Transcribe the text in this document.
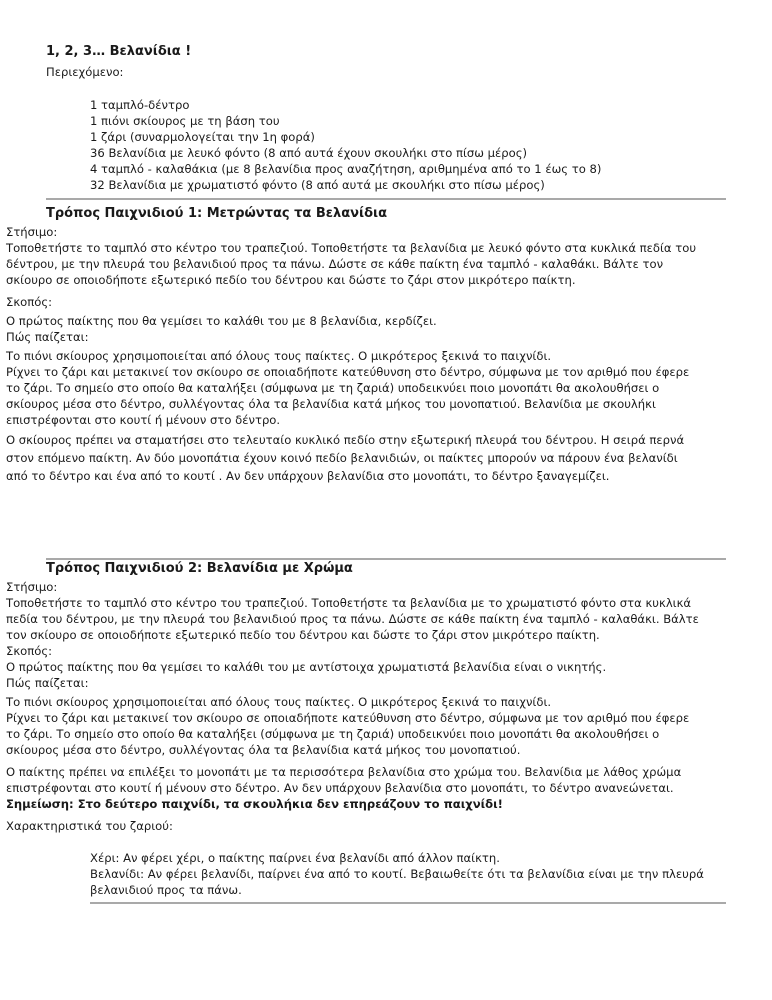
1, 2, 3… Βελανίδια !
Περιεχόμενο:
1 ταμπλό-δέντρο
1 πιόνι σκίουρος με τη βάση του
1 ζάρι (συναρμολογείται την 1η φορά)
36 Βελανίδια με λευκό φόντο (8 από αυτά έχουν σκουλήκι στο πίσω μέρος)
4 ταμπλό - καλαθάκια (με 8 βελανίδια προς αναζήτηση, αριθμημένα από το 1 έως το 8)
32 Βελανίδια με χρωματιστό φόντο (8 από αυτά με σκουλήκι στο πίσω μέρος)
Τρόπος Παιχνιδιού 1: Μετρώντας τα Βελανίδια
Στήσιμο:
Τοποθετήστε το ταμπλό στο κέντρο του τραπεζιού. Τοποθετήστε τα βελανίδια με λευκό φόντο στα κυκλικά πεδία του
δέντρου, με την πλευρά του βελανιδιού προς τα πάνω. Δώστε σε κάθε παίκτη ένα ταμπλό - καλαθάκι. Βάλτε τον
σκίουρο σε οποιοδήποτε εξωτερικό πεδίο του δέντρου και δώστε το ζάρι στον μικρότερο παίκτη.
Σκοπός:
Ο πρώτος παίκτης που θα γεμίσει το καλάθι του με 8 βελανίδια, κερδίζει.
Πώς παίζεται:
Το πιόνι σκίουρος χρησιμοποιείται από όλους τους παίκτες. Ο μικρότερος ξεκινά το παιχνίδι.
Ρίχνει το ζάρι και μετακινεί τον σκίουρο σε οποιαδήποτε κατεύθυνση στο δέντρο, σύμφωνα με τον αριθμό που έφερε
το ζάρι. Το σημείο στο οποίο θα καταλήξει (σύμφωνα με τη ζαριά) υποδεικνύει ποιο μονοπάτι θα ακολουθήσει ο
σκίουρος μέσα στο δέντρο, συλλέγοντας όλα τα βελανίδια κατά μήκος του μονοπατιού. Βελανίδια με σκουλήκι
επιστρέφονται στο κουτί ή μένουν στο δέντρο.
Ο σκίουρος πρέπει να σταματήσει στο τελευταίο κυκλικό πεδίο στην εξωτερική πλευρά του δέντρου. Η σειρά περνά
στον επόμενο παίκτη. Αν δύο μονοπάτια έχουν κοινό πεδίο βελανιδιών, οι παίκτες μπορούν να πάρουν ένα βελανίδι
από το δέντρο και ένα από το κουτί . Αν δεν υπάρχουν βελανίδια στο μονοπάτι, το δέντρο ξαναγεμίζει.
Τρόπος Παιχνιδιού 2: Βελανίδια με Χρώμα
Στήσιμο:
Τοποθετήστε το ταμπλό στο κέντρο του τραπεζιού. Τοποθετήστε τα βελανίδια με το χρωματιστό φόντο στα κυκλικά
πεδία του δέντρου, με την πλευρά του βελανιδιού προς τα πάνω. Δώστε σε κάθε παίκτη ένα ταμπλό - καλαθάκι. Βάλτε
τον σκίουρο σε οποιοδήποτε εξωτερικό πεδίο του δέντρου και δώστε το ζάρι στον μικρότερο παίκτη.
Σκοπός:
Ο πρώτος παίκτης που θα γεμίσει το καλάθι του με αντίστοιχα χρωματιστά βελανίδια είναι ο νικητής.
Πώς παίζεται:
Το πιόνι σκίουρος χρησιμοποιείται από όλους τους παίκτες. Ο μικρότερος ξεκινά το παιχνίδι.
Ρίχνει το ζάρι και μετακινεί τον σκίουρο σε οποιαδήποτε κατεύθυνση στο δέντρο, σύμφωνα με τον αριθμό που έφερε
το ζάρι. Το σημείο στο οποίο θα καταλήξει (σύμφωνα με τη ζαριά) υποδεικνύει ποιο μονοπάτι θα ακολουθήσει ο
σκίουρος μέσα στο δέντρο, συλλέγοντας όλα τα βελανίδια κατά μήκος του μονοπατιού.
Ο παίκτης πρέπει να επιλέξει το μονοπάτι με τα περισσότερα βελανίδια στο χρώμα του. Βελανίδια με λάθος χρώμα
επιστρέφονται στο κουτί ή μένουν στο δέντρο. Αν δεν υπάρχουν βελανίδια στο μονοπάτι, το δέντρο ανανεώνεται.
Σημείωση: Στο δεύτερο παιχνίδι, τα σκουλήκια δεν επηρεάζουν το παιχνίδι!
Χαρακτηριστικά του ζαριού:
Χέρι: Αν φέρει χέρι, ο παίκτης παίρνει ένα βελανίδι από άλλον παίκτη.
Βελανίδι: Αν φέρει βελανίδι, παίρνει ένα από το κουτί. Βεβαιωθείτε ότι τα βελανίδια είναι με την πλευρά
βελανιδιού προς τα πάνω.
